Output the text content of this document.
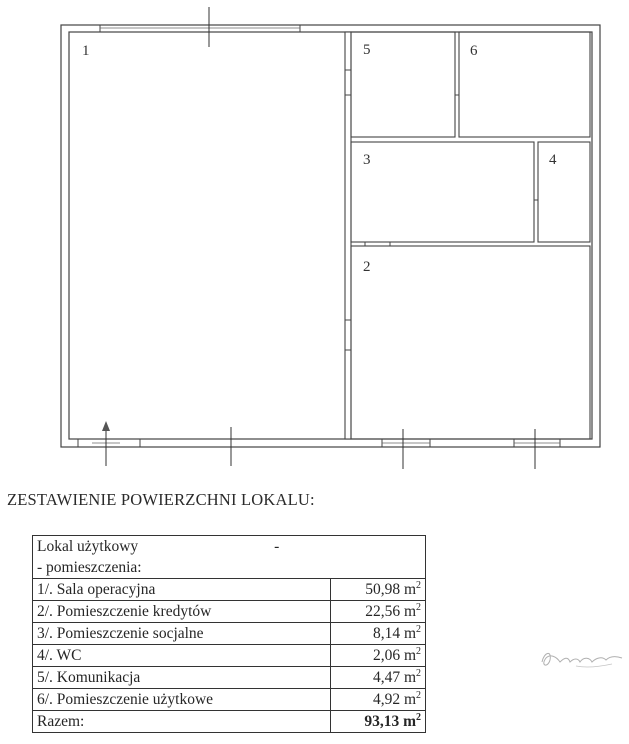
1	5	6
3	4
2
ZESTAWIENIE POWIERZCHNI LOKALU:
Lokal użytkowy -	
- pomieszczenia:	
1/. Sala operacyjna	50,98 $m^2$
2/. Pomieszczenie kredytów	22,56 $m^2$
3/. Pomieszczenie socjalne	8,14 $m^2$
4/. WC	2,06 $m^2$
5/. Komunikacja	4,47 $m^2$
6/. Pomieszczenie użytkowe	4,92 $m^2$
Razem:	93,13 $m^2$
